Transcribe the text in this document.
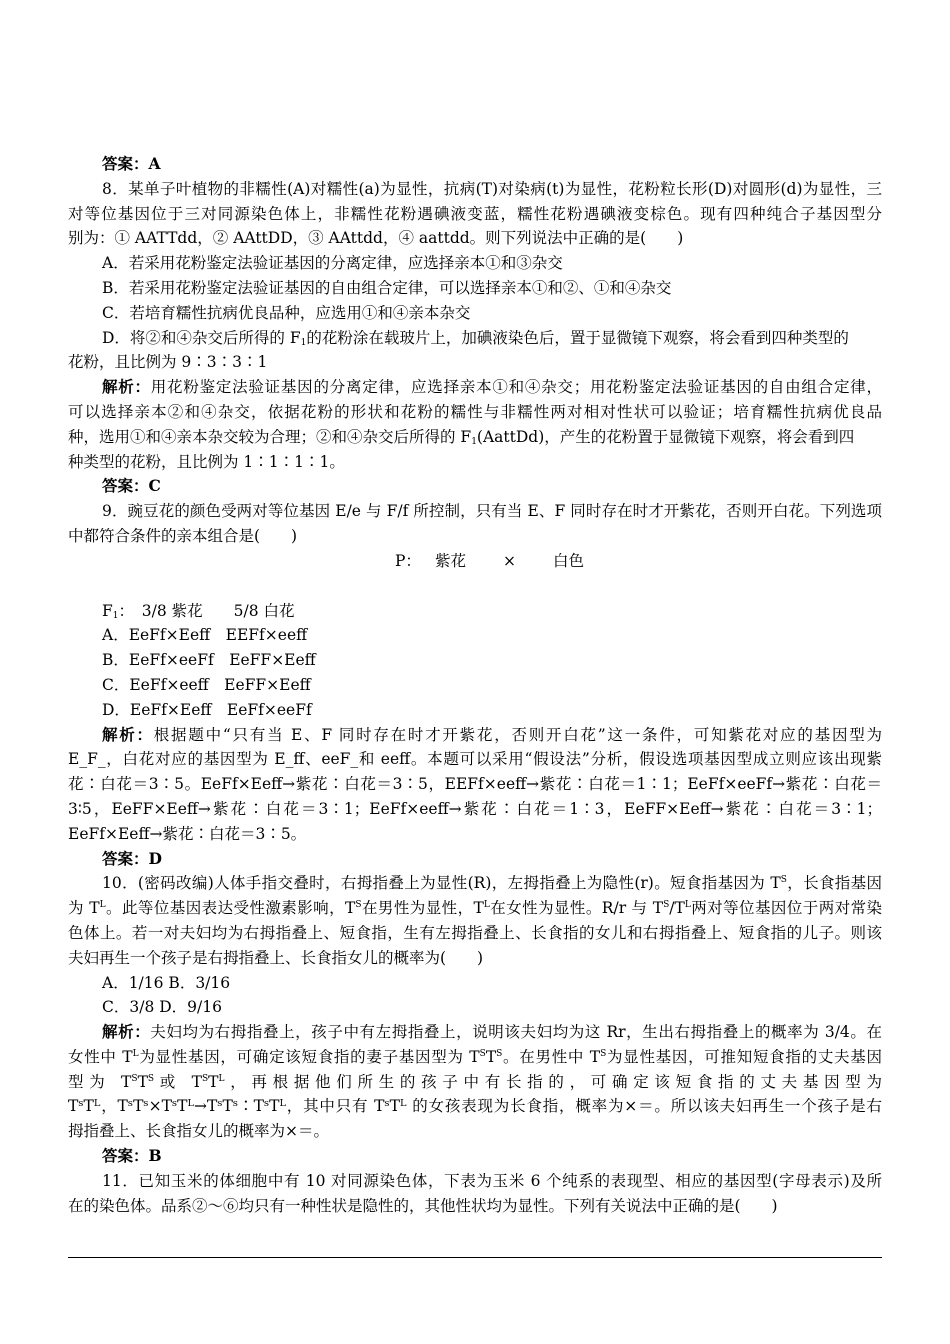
答案：A
8．某单子叶植物的非糯性(A)对糯性(a)为显性，抗病(T)对染病(t)为显性，花粉粒长形(D)对圆形(d)为显性，三
对等位基因位于三对同源染色体上，非糯性花粉遇碘液变蓝，糯性花粉遇碘液变棕色。现有四种纯合子基因型分
别为：① AATTdd，② AAttDD，③ AAttdd，④ aattdd。则下列说法中正确的是(　　)
A．若采用花粉鉴定法验证基因的分离定律，应选择亲本①和③杂交
B．若采用花粉鉴定法验证基因的自由组合定律，可以选择亲本①和②、①和④杂交
C．若培育糯性抗病优良品种，应选用①和④亲本杂交
D．将②和④杂交后所得的 $F_1$的花粉涂在载玻片上，加碘液染色后，置于显微镜下观察，将会看到四种类型的
花粉，且比例为 9∶3∶3∶1
解析：用花粉鉴定法验证基因的分离定律，应选择亲本①和④杂交；用花粉鉴定法验证基因的自由组合定律，
可以选择亲本②和④杂交，依据花粉的形状和花粉的糯性与非糯性两对相对性状可以验证；培育糯性抗病优良品
种，选用①和④亲本杂交较为合理；②和④杂交后所得的 $F_1(AattDd)$，产生的花粉置于显微镜下观察，将会看到四
种类型的花粉，且比例为 1∶1∶1∶1。
答案：C
9．豌豆花的颜色受两对等位基因 E/e 与 F/f 所控制，只有当 E、F 同时存在时才开紫花，否则开白花。下列选项
中都符合条件的亲本组合是(　　)
P： 紫花 × 白色
$F_1$：　3/8 紫花　　5/8 白花
A．EeFf×Eeff　EEFf×eeff
B．EeFf×eeFf　EeFF×Eeff
C．EeFf×eeff　EeFF×Eeff
D．EeFf×Eeff　EeFf×eeFf
解析：根据题中“只有当 E、F 同时存在时才开紫花，否则开白花”这一条件，可知紫花对应的基因型为
E_F_，白花对应的基因型为 E_ff、eeF_和 eeff。本题可以采用“假设法”分析，假设选项基因型成立则应该出现紫
花∶白花＝3∶5。EeFf×Eeff→紫花∶白花＝3∶5，EEFf×eeff→紫花∶白花＝1∶1；EeFf×eeFf→紫花∶白花＝
3∶5，EeFF×Eeff→紫花∶白花＝3∶1；EeFf×eeff→紫花∶白花＝1∶3，EeFF×Eeff→紫花∶白花＝3∶1；
EeFf×Eeff→紫花∶白花＝3∶5。
答案：D
10．(密码改编)人体手指交叠时，右拇指叠上为显性(R)，左拇指叠上为隐性(r)。短食指基因为 $T^S$，长食指基因
为 $T^L$。此等位基因表达受性激素影响，$T^S$在男性为显性，$T^L$在女性为显性。R/r 与 $T^S/T^L$两对等位基因位于两对常染
色体上。若一对夫妇均为右拇指叠上、短食指，生有左拇指叠上、长食指的女儿和右拇指叠上、短食指的儿子。则该
夫妇再生一个孩子是右拇指叠上、长食指女儿的概率为(　　)
A．1/16 B．3/16
C．3/8 D．9/16
解析：夫妇均为右拇指叠上，孩子中有左拇指叠上，说明该夫妇均为这 Rr，生出右拇指叠上的概率为 3/4。在
女性中 $T^L$为显性基因，可确定该短食指的妻子基因型为 $T^ST^S$。在男性中 $T^S$为显性基因，可推知短食指的丈夫基因
型为 $T^ST^S$或 $T^ST^L$，再根据他们所生的孩子中有长指的，可确定该短食指的丈夫基因型为
TˢTᴸ，TˢTˢ×TˢTᴸ→TˢTˢ∶TˢTᴸ，其中只有 TˢTᴸ 的女孩表现为长食指，概率为×＝。所以该夫妇再生一个孩子是右
拇指叠上、长食指女儿的概率为×＝。
答案：B
11．已知玉米的体细胞中有 10 对同源染色体，下表为玉米 6 个纯系的表现型、相应的基因型(字母表示)及所
在的染色体。品系②～⑥均只有一种性状是隐性的，其他性状均为显性。下列有关说法中正确的是(　　)
